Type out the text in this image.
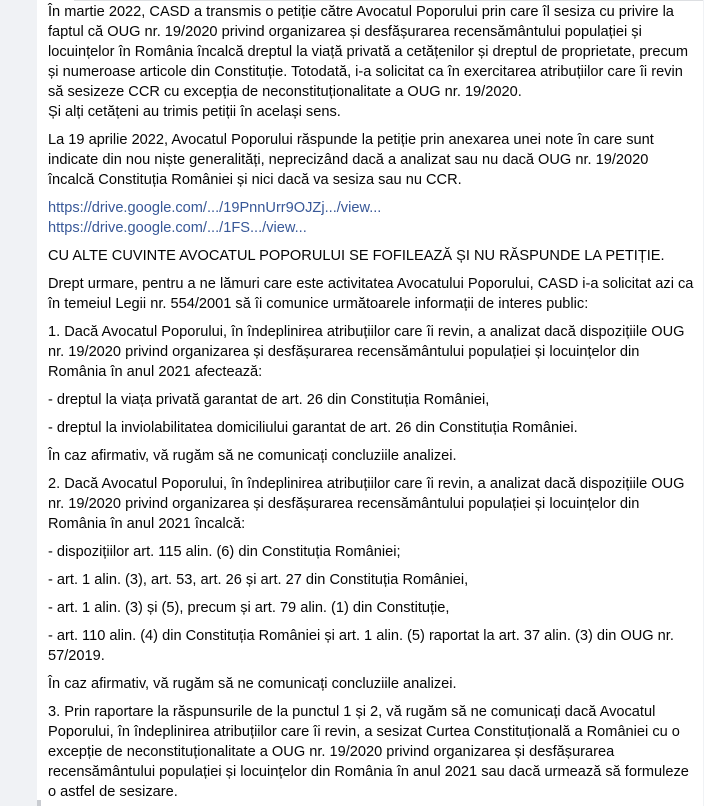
În martie 2022, CASD a transmis o petiție către Avocatul Poporului prin care îl sesiza cu privire la faptul că OUG nr. 19/2020 privind organizarea și desfășurarea recensământului populației și locuințelor în România încalcă dreptul la viață privată a cetățenilor și dreptul de proprietate, precum și numeroase articole din Constituție. Totodată, i-a solicitat ca în exercitarea atribuțiilor care îi revin să sesizeze CCR cu excepția de neconstituționalitate a OUG nr. 19/2020.

Și alți cetățeni au trimis petiții în același sens.

La 19 aprilie 2022, Avocatul Poporului răspunde la petiție prin anexarea unei note în care sunt indicate din nou niște generalități, neprecizând dacă a analizat sau nu dacă OUG nr. 19/2020 încalcă Constituția României și nici dacă va sesiza sau nu CCR.

https://drive.google.com/.../19PnnUrr9OJZj.../view...

https://drive.google.com/.../1FS.../view...

CU ALTE CUVINTE AVOCATUL POPORULUI SE FOFILEAZĂ ȘI NU RĂSPUNDE LA PETIȚIE.

Drept urmare, pentru a ne lămuri care este activitatea Avocatului Poporului, CASD i-a solicitat azi ca în temeiul Legii nr. 554/2001 să îi comunice următoarele informații de interes public:

1. Dacă Avocatul Poporului, în îndeplinirea atribuțiilor care îi revin, a analizat dacă dispozițiile OUG nr. 19/2020 privind organizarea și desfășurarea recensământului populației și locuințelor din România în anul 2021 afectează:

- dreptul la viața privată garantat de art. 26 din Constituția României,

- dreptul la inviolabilitatea domiciliului garantat de art. 26 din Constituția României.

În caz afirmativ, vă rugăm să ne comunicați concluziile analizei.

2. Dacă Avocatul Poporului, în îndeplinirea atribuțiilor care îi revin, a analizat dacă dispozițiile OUG nr. 19/2020 privind organizarea și desfășurarea recensământului populației și locuințelor din România în anul 2021 încalcă:

- dispozițiilor art. 115 alin. (6) din Constituția României;

- art. 1 alin. (3), art. 53, art. 26 și art. 27 din Constituția României,

- art. 1 alin. (3) și (5), precum și art. 79 alin. (1) din Constituție,

- art. 110 alin. (4) din Constituția României și art. 1 alin. (5) raportat la art. 37 alin. (3) din OUG nr. 57/2019.

În caz afirmativ, vă rugăm să ne comunicați concluziile analizei.

3. Prin raportare la răspunsurile de la punctul 1 și 2, vă rugăm să ne comunicați dacă Avocatul Poporului, în îndeplinirea atribuțiilor care îi revin, a sesizat Curtea Constituțională a României cu o excepție de neconstituționalitate a OUG nr. 19/2020 privind organizarea și desfășurarea recensământului populației și locuințelor din România în anul 2021 sau dacă urmează să formuleze o astfel de sesizare.
